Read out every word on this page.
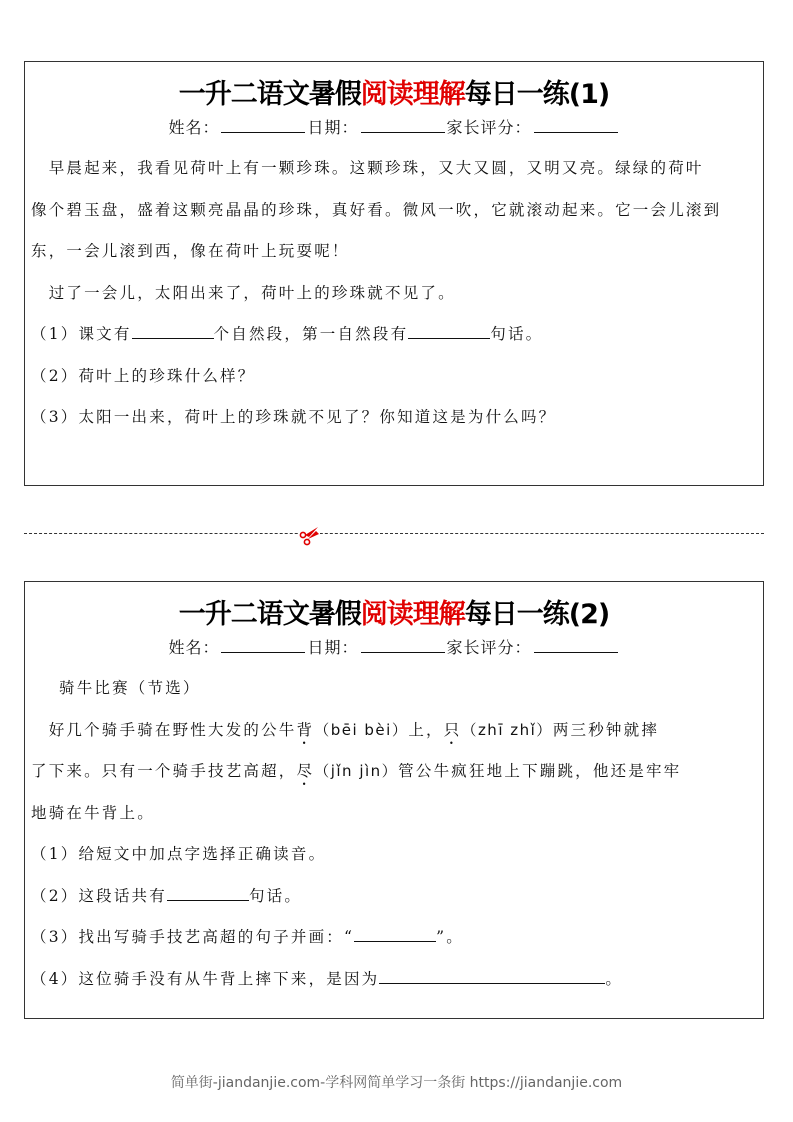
一升二语文暑假阅读理解每日一练(1)
姓名：	日期：	家长评分：
　早晨起来，我看见荷叶上有一颗珍珠。这颗珍珠，又大又圆，又明又亮。绿绿的荷叶
像个碧玉盘，盛着这颗亮晶晶的珍珠，真好看。微风一吹，它就滚动起来。它一会儿滚到
东，一会儿滚到西，像在荷叶上玩耍呢！
　过了一会儿，太阳出来了，荷叶上的珍珠就不见了。
（1）课文有	个自然段，第一自然段有	句话。
（2）荷叶上的珍珠什么样？
（3）太阳一出来，荷叶上的珍珠就不见了？你知道这是为什么吗？
一升二语文暑假阅读理解每日一练(2)
姓名：	日期：	家长评分：
骑牛比赛（节选）
　好几个骑手骑在野性大发的公牛背（bēi bèi）上，只（zhī zhǐ）两三秒钟就摔
了下来。只有一个骑手技艺高超，尽（jǐn jìn）管公牛疯狂地上下蹦跳，他还是牢牢
地骑在牛背上。
（1）给短文中加点字选择正确读音。
（2）这段话共有	句话。
（3）找出写骑手技艺高超的句子并画：“	”。
（4）这位骑手没有从牛背上摔下来，是因为	。
简单街-jiandanjie.com-学科网简单学习一条街 https://jiandanjie.com
